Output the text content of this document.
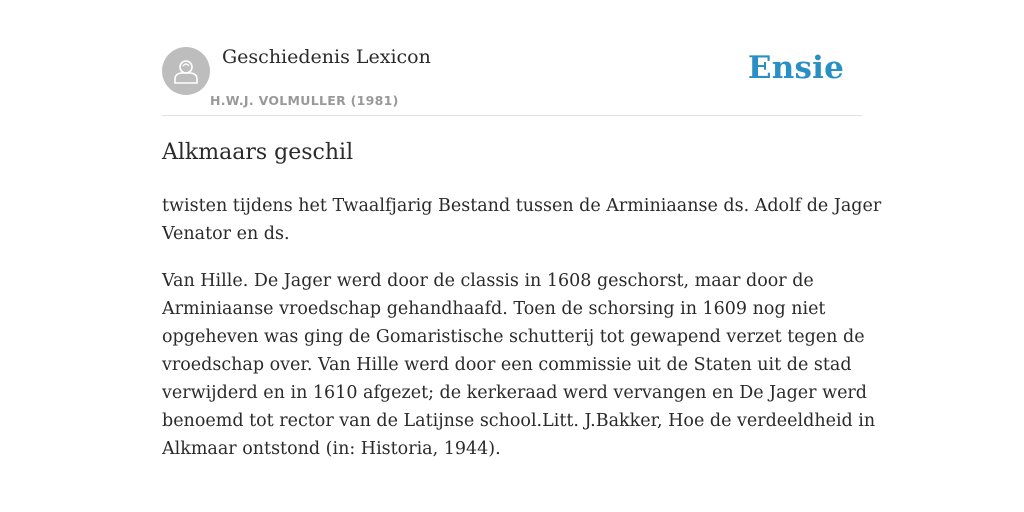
Geschiedenis Lexicon
H.W.J. VOLMULLER (1981)
Ensie
Alkmaars geschil

twisten tijdens het Twaalfjarig Bestand tussen de Arminiaanse ds. Adolf de Jager
Venator en ds.

Van Hille. De Jager werd door de classis in 1608 geschorst, maar door de
Arminiaanse vroedschap gehandhaafd. Toen de schorsing in 1609 nog niet
opgeheven was ging de Gomaristische schutterij tot gewapend verzet tegen de
vroedschap over. Van Hille werd door een commissie uit de Staten uit de stad
verwijderd en in 1610 afgezet; de kerkeraad werd vervangen en De Jager werd
benoemd tot rector van de Latijnse school.Litt. J.Bakker, Hoe de verdeeldheid in
Alkmaar ontstond (in: Historia, 1944).
